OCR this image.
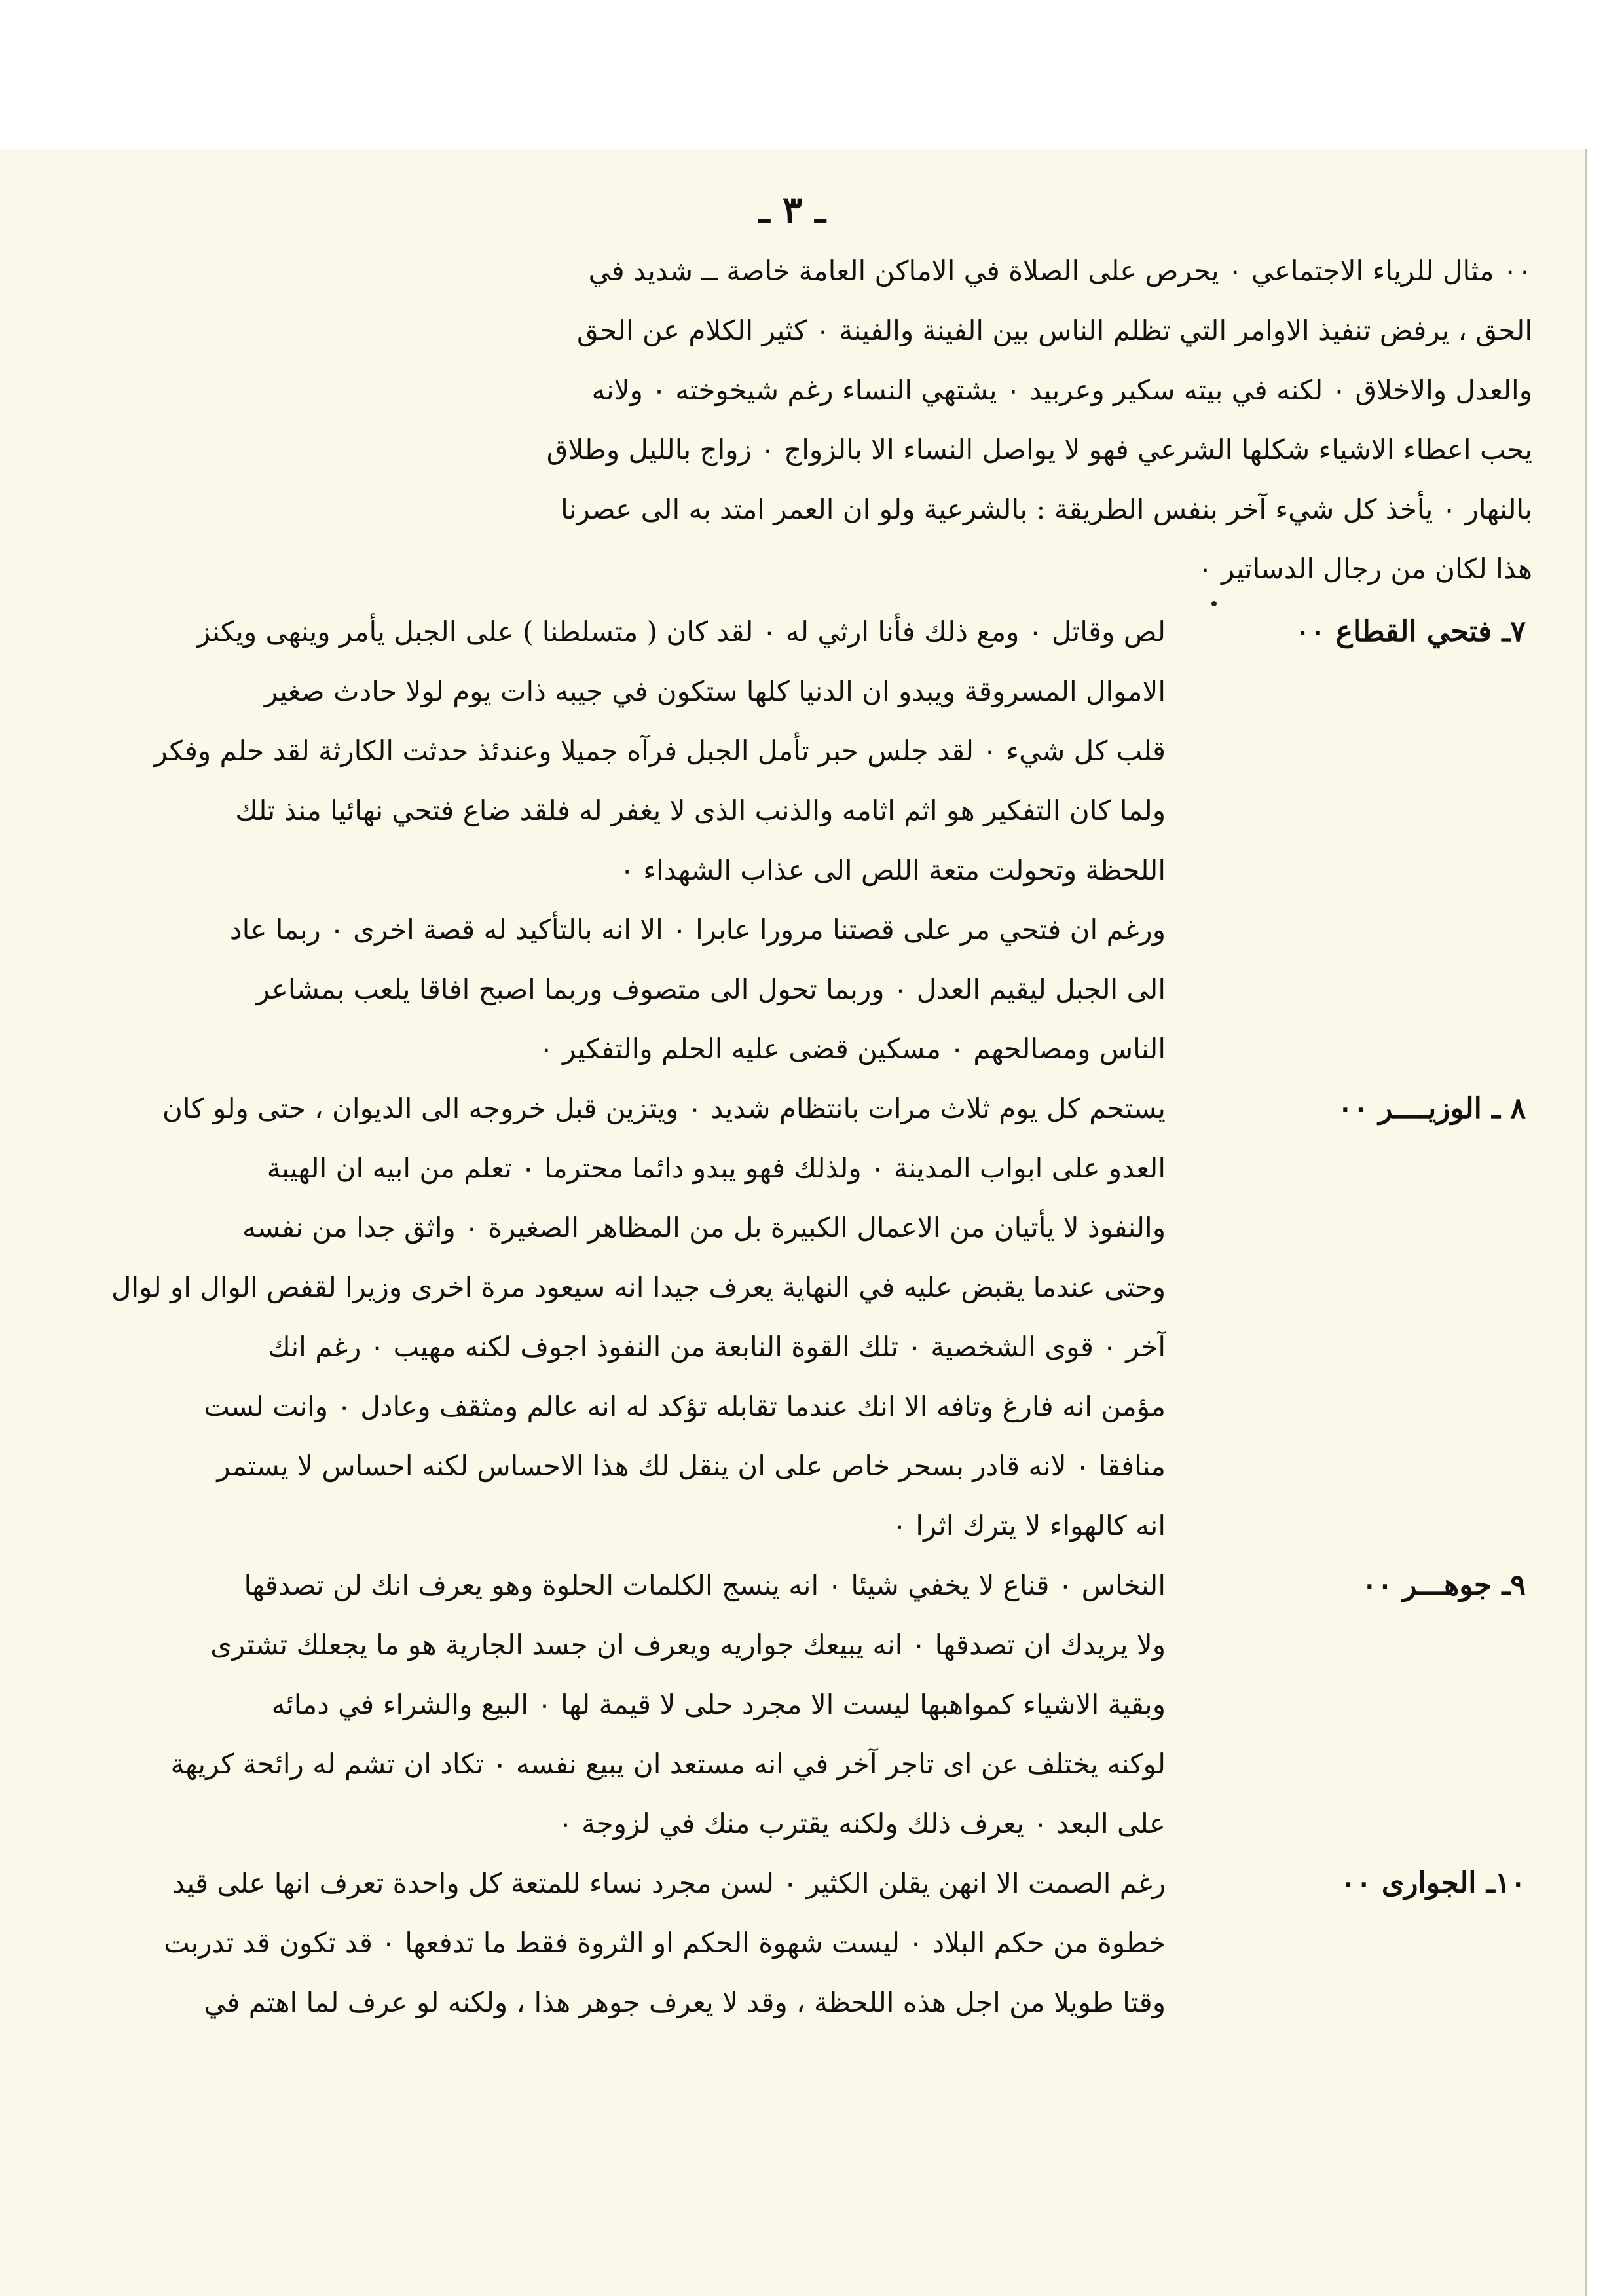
ـ ٣ ـ
٠٠ مثال للرياء الاجتماعي ٠ يحرص على الصلاة في الاماكن العامة خاصة ــ شديد في
الحق ، يرفض تنفيذ الاوامر التي تظلم الناس بين الفينة والفينة ٠ كثير الكلام عن الحق
والعدل والاخلاق ٠ لكنه في بيته سكير وعربيد ٠ يشتهي النساء رغم شيخوخته ٠ ولانه
يحب اعطاء الاشياء شكلها الشرعي فهو لا يواصل النساء الا بالزواج ٠ زواج بالليل وطلاق
بالنهار ٠ يأخذ كل شيء آخر بنفس الطريقة : بالشرعية ولو ان العمر امتد به الى عصرنا
هذا لكان من رجال الدساتير ٠
٧ـ فتحي القطاع ٠٠
لص وقاتل ٠ ومع ذلك فأنا ارثي له ٠ لقد كان ( متسلطنا ) على الجبل يأمر وينهى ويكنز
الاموال المسروقة ويبدو ان الدنيا كلها ستكون في جيبه ذات يوم لولا حادث صغير
قلب كل شيء ٠ لقد جلس حبر تأمل الجبل فرآه جميلا وعندئذ حدثت الكارثة لقد حلم وفكر
ولما كان التفكير هو اثم اثامه والذنب الذى لا يغفر له فلقد ضاع فتحي نهائيا منذ تلك
اللحظة وتحولت متعة اللص الى عذاب الشهداء ٠
ورغم ان فتحي مر على قصتنا مرورا عابرا ٠ الا انه بالتأكيد له قصة اخرى ٠ ربما عاد
الى الجبل ليقيم العدل ٠ وربما تحول الى متصوف وربما اصبح افاقا يلعب بمشاعر
الناس ومصالحهم ٠ مسكين قضى عليه الحلم والتفكير ٠
٨ ـ الوزيــــر ٠٠
يستحم كل يوم ثلاث مرات بانتظام شديد ٠ ويتزين قبل خروجه الى الديوان ، حتى ولو كان
العدو على ابواب المدينة ٠ ولذلك فهو يبدو دائما محترما ٠ تعلم من ابيه ان الهيبة
والنفوذ لا يأتيان من الاعمال الكبيرة بل من المظاهر الصغيرة ٠ واثق جدا من نفسه
وحتى عندما يقبض عليه في النهاية يعرف جيدا انه سيعود مرة اخرى وزيرا لقفص الوال او لوال
آخر ٠ قوى الشخصية ٠ تلك القوة النابعة من النفوذ اجوف لكنه مهيب ٠ رغم انك
مؤمن انه فارغ وتافه الا انك عندما تقابله تؤكد له انه عالم ومثقف وعادل ٠ وانت لست
منافقا ٠ لانه قادر بسحر خاص على ان ينقل لك هذا الاحساس لكنه احساس لا يستمر
انه كالهواء لا يترك اثرا ٠
٩ـ جوهـــر ٠٠
النخاس ٠ قناع لا يخفي شيئا ٠ انه ينسج الكلمات الحلوة وهو يعرف انك لن تصدقها
ولا يريدك ان تصدقها ٠ انه يبيعك جواريه ويعرف ان جسد الجارية هو ما يجعلك تشترى
وبقية الاشياء كمواهبها ليست الا مجرد حلى لا قيمة لها ٠ البيع والشراء في دمائه
لوكنه يختلف عن اى تاجر آخر في انه مستعد ان يبيع نفسه ٠ تكاد ان تشم له رائحة كريهة
على البعد ٠ يعرف ذلك ولكنه يقترب منك في لزوجة ٠
١٠ـ الجوارى ٠٠
رغم الصمت الا انهن يقلن الكثير ٠ لسن مجرد نساء للمتعة كل واحدة تعرف انها على قيد
خطوة من حكم البلاد ٠ ليست شهوة الحكم او الثروة فقط ما تدفعها ٠ قد تكون قد تدربت
وقتا طويلا من اجل هذه اللحظة ، وقد لا يعرف جوهر هذا ، ولكنه لو عرف لما اهتم في
